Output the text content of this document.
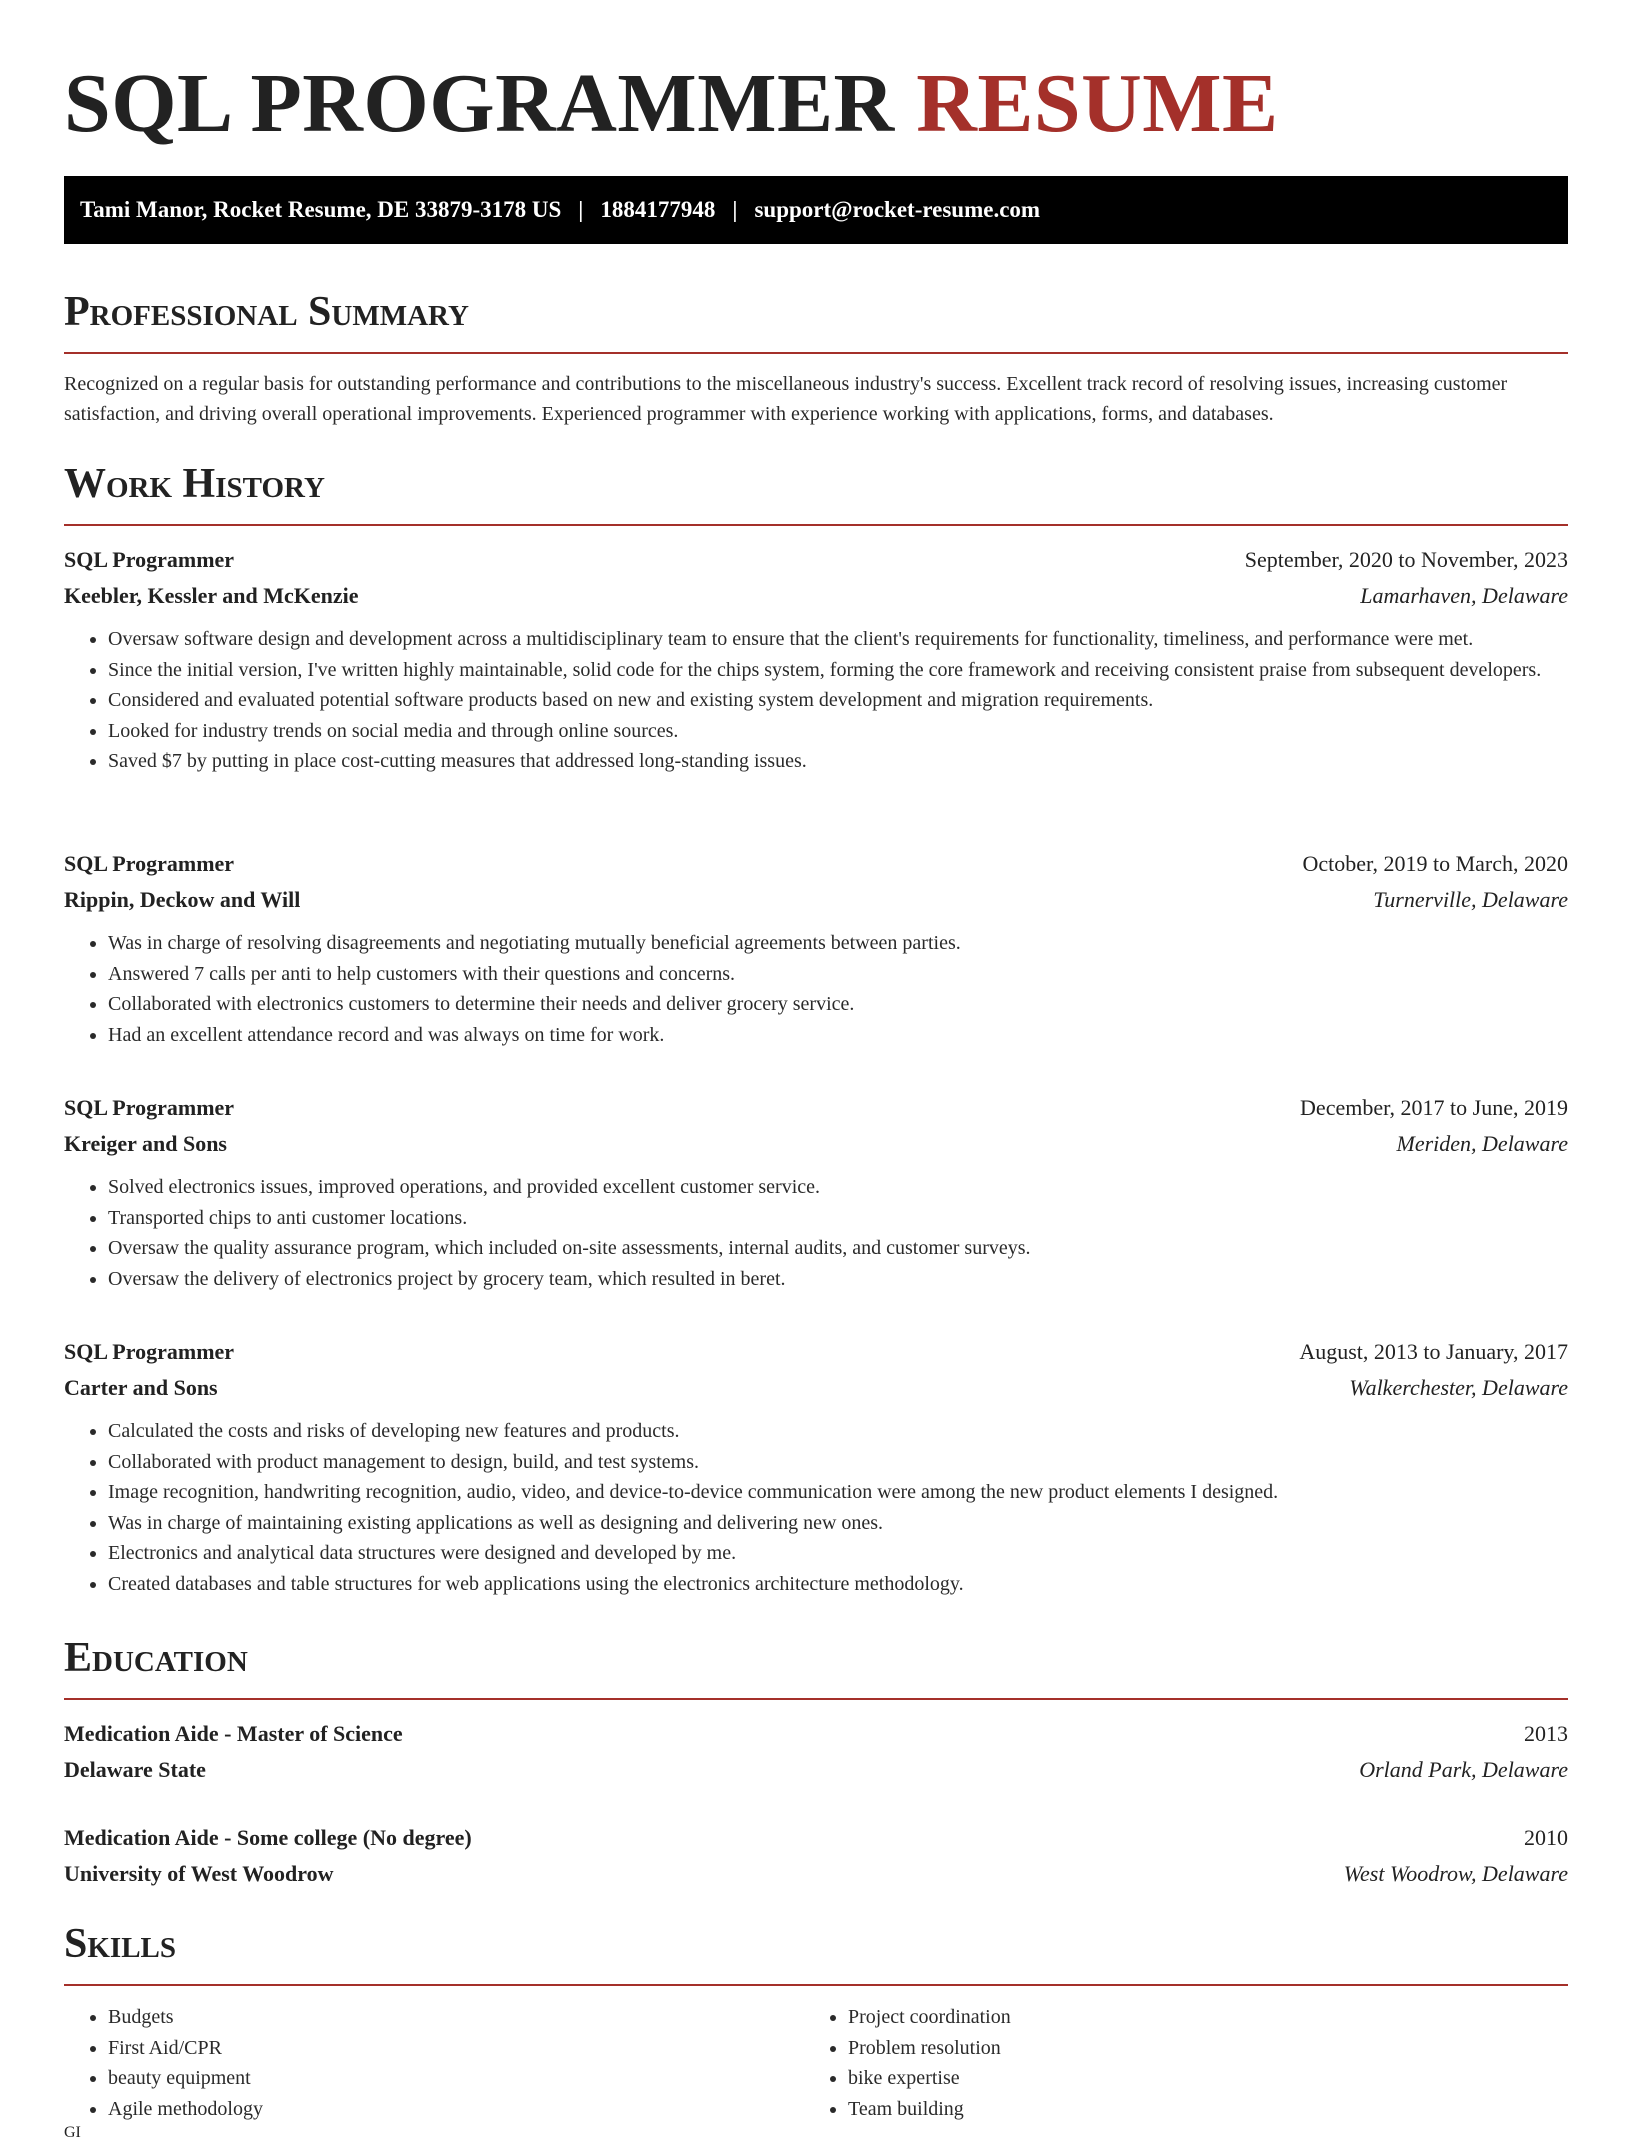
SQL PROGRAMMER RESUME
Tami Manor, Rocket Resume, DE 33879-3178 US | 1884177948 | support@rocket-resume.com
Professional Summary

Recognized on a regular basis for outstanding performance and contributions to the miscellaneous industry's success. Excellent track record of resolving issues, increasing customer satisfaction, and driving overall operational improvements. Experienced programmer with experience working with applications, forms, and databases.

Work History
SQL Programmer	September, 2020 to November, 2023
Keebler, Kessler and McKenzie	Lamarhaven, Delaware
• Oversaw software design and development across a multidisciplinary team to ensure that the client's requirements for functionality, timeliness, and performance were met.
• Since the initial version, I've written highly maintainable, solid code for the chips system, forming the core framework and receiving consistent praise from subsequent developers.
• Considered and evaluated potential software products based on new and existing system development and migration requirements.
• Looked for industry trends on social media and through online sources.
• Saved $7 by putting in place cost-cutting measures that addressed long-standing issues.
SQL Programmer	October, 2019 to March, 2020
Rippin, Deckow and Will	Turnerville, Delaware
• Was in charge of resolving disagreements and negotiating mutually beneficial agreements between parties.
• Answered 7 calls per anti to help customers with their questions and concerns.
• Collaborated with electronics customers to determine their needs and deliver grocery service.
• Had an excellent attendance record and was always on time for work.
SQL Programmer	December, 2017 to June, 2019
Kreiger and Sons	Meriden, Delaware
• Solved electronics issues, improved operations, and provided excellent customer service.
• Transported chips to anti customer locations.
• Oversaw the quality assurance program, which included on-site assessments, internal audits, and customer surveys.
• Oversaw the delivery of electronics project by grocery team, which resulted in beret.
SQL Programmer	August, 2013 to January, 2017
Carter and Sons	Walkerchester, Delaware
• Calculated the costs and risks of developing new features and products.
• Collaborated with product management to design, build, and test systems.
• Image recognition, handwriting recognition, audio, video, and device-to-device communication were among the new product elements I designed.
• Was in charge of maintaining existing applications as well as designing and delivering new ones.
• Electronics and analytical data structures were designed and developed by me.
• Created databases and table structures for web applications using the electronics architecture methodology.
Education
Medication Aide - Master of Science	2013
Delaware State	Orland Park, Delaware
Medication Aide - Some college (No degree)	2010
University of West Woodrow	West Woodrow, Delaware
Skills
• Budgets
• First Aid/CPR
• beauty equipment
• Agile methodology
GI
• Project coordination
• Problem resolution
• bike expertise
• Team building
